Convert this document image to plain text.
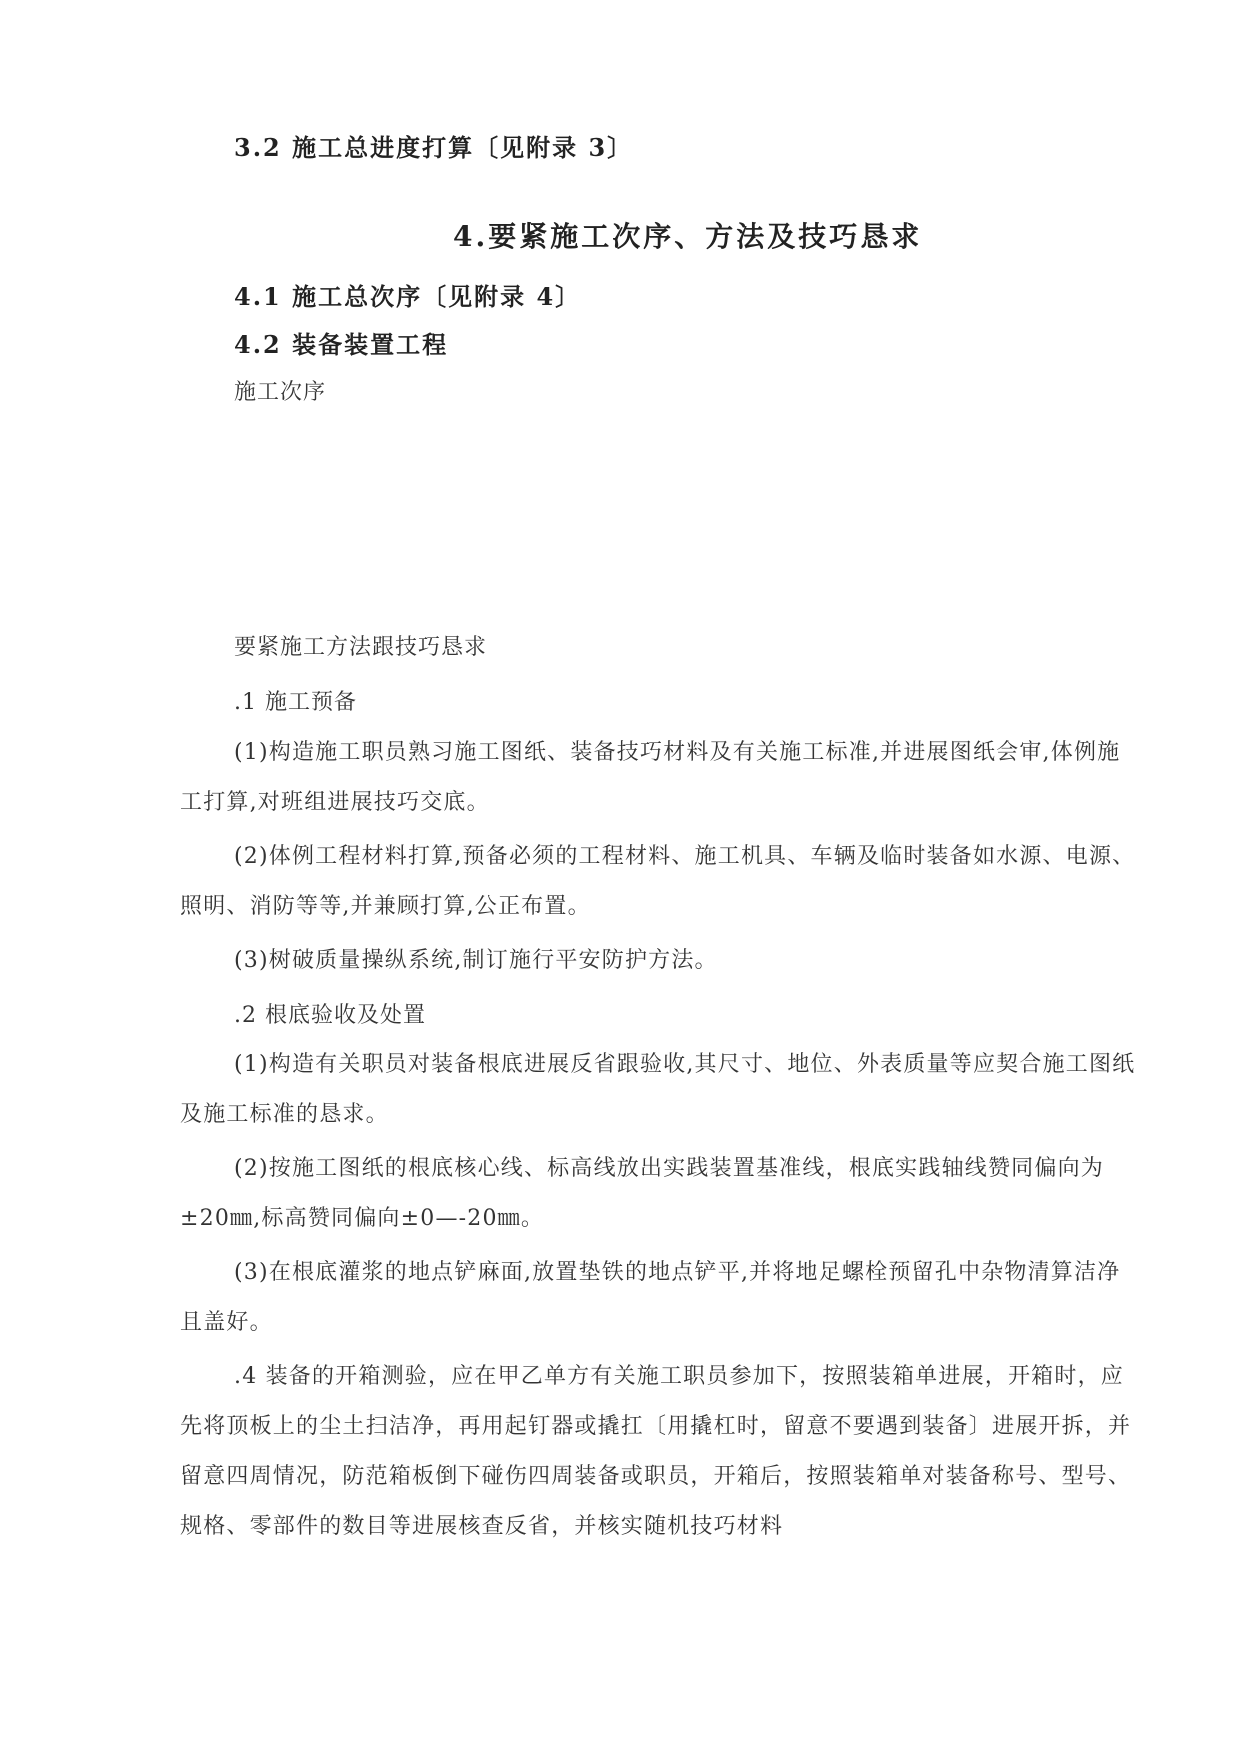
3.2 施工总进度打算〔见附录 3〕
4.要紧施工次序、方法及技巧恳求
4.1 施工总次序〔见附录 4〕
4.2 装备装置工程
施工次序
要紧施工方法跟技巧恳求
.1 施工预备
(1)构造施工职员熟习施工图纸、装备技巧材料及有关施工标准,并进展图纸会审,体例施工打算,对班组进展技巧交底。
(2)体例工程材料打算,预备必须的工程材料、施工机具、车辆及临时装备如水源、电源、照明、消防等等,并兼顾打算,公正布置。
(3)树破质量操纵系统,制订施行平安防护方法。
.2 根底验收及处置
(1)构造有关职员对装备根底进展反省跟验收,其尺寸、地位、外表质量等应契合施工图纸及施工标准的恳求。
(2)按施工图纸的根底核心线、标高线放出实践装置基准线，根底实践轴线赞同偏向为±20㎜,标高赞同偏向±0—-20㎜。
(3)在根底灌浆的地点铲麻面,放置垫铁的地点铲平,并将地足螺栓预留孔中杂物清算洁净且盖好。
.4 装备的开箱测验，应在甲乙单方有关施工职员参加下，按照装箱单进展，开箱时，应先将顶板上的尘土扫洁净，再用起钉器或撬扛〔用撬杠时，留意不要遇到装备〕进展开拆，并留意四周情况，防范箱板倒下碰伤四周装备或职员，开箱后，按照装箱单对装备称号、型号、规格、零部件的数目等进展核查反省，并核实随机技巧材料
